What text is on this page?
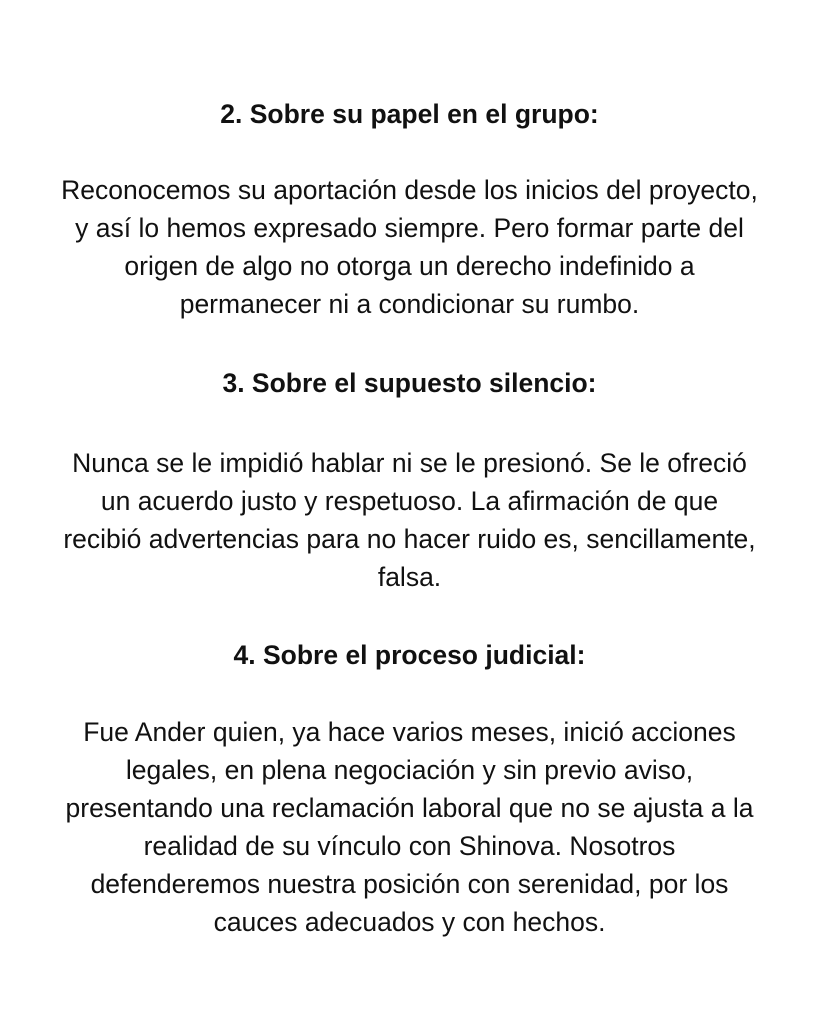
2. Sobre su papel en el grupo:
Reconocemos su aportación desde los inicios del proyecto,
y así lo hemos expresado siempre. Pero formar parte del
origen de algo no otorga un derecho indefinido a
permanecer ni a condicionar su rumbo.
3. Sobre el supuesto silencio:
Nunca se le impidió hablar ni se le presionó. Se le ofreció
un acuerdo justo y respetuoso. La afirmación de que
recibió advertencias para no hacer ruido es, sencillamente,
falsa.
4. Sobre el proceso judicial:
Fue Ander quien, ya hace varios meses, inició acciones
legales, en plena negociación y sin previo aviso,
presentando una reclamación laboral que no se ajusta a la
realidad de su vínculo con Shinova. Nosotros
defenderemos nuestra posición con serenidad, por los
cauces adecuados y con hechos.
